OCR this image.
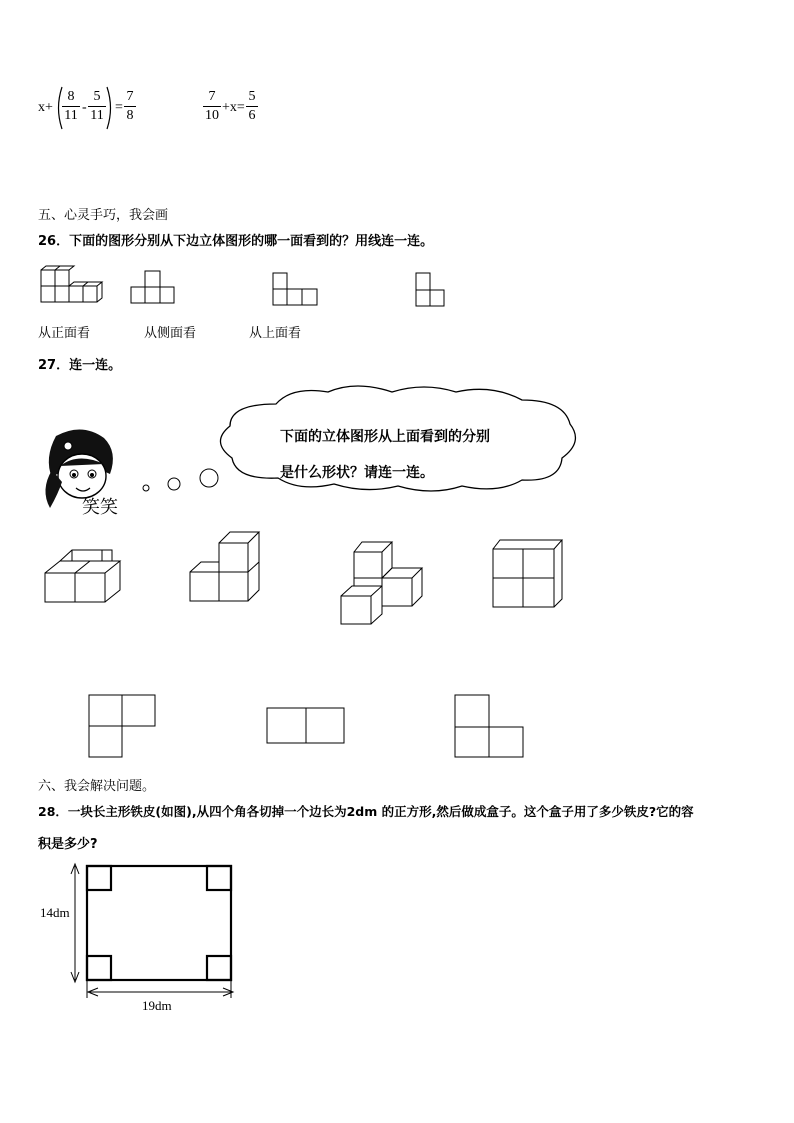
x+
8
11
-
5
11
=
7
8
7
10
+x=
5
6
五、心灵手巧，我会画
26．下面的图形分别从下边立体图形的哪一面看到的？用线连一连。
从正面看	从侧面看	从上面看
27．连一连。
笑笑
下面的立体图形从上面看到的分别
是什么形状？请连一连。
六、我会解决问题。
28．一块长主形铁皮(如图),从四个角各切掉一个边长为2dm 的正方形,然后做成盒子。这个盒子用了多少铁皮?它的容
积是多少?
14dm
19dm
